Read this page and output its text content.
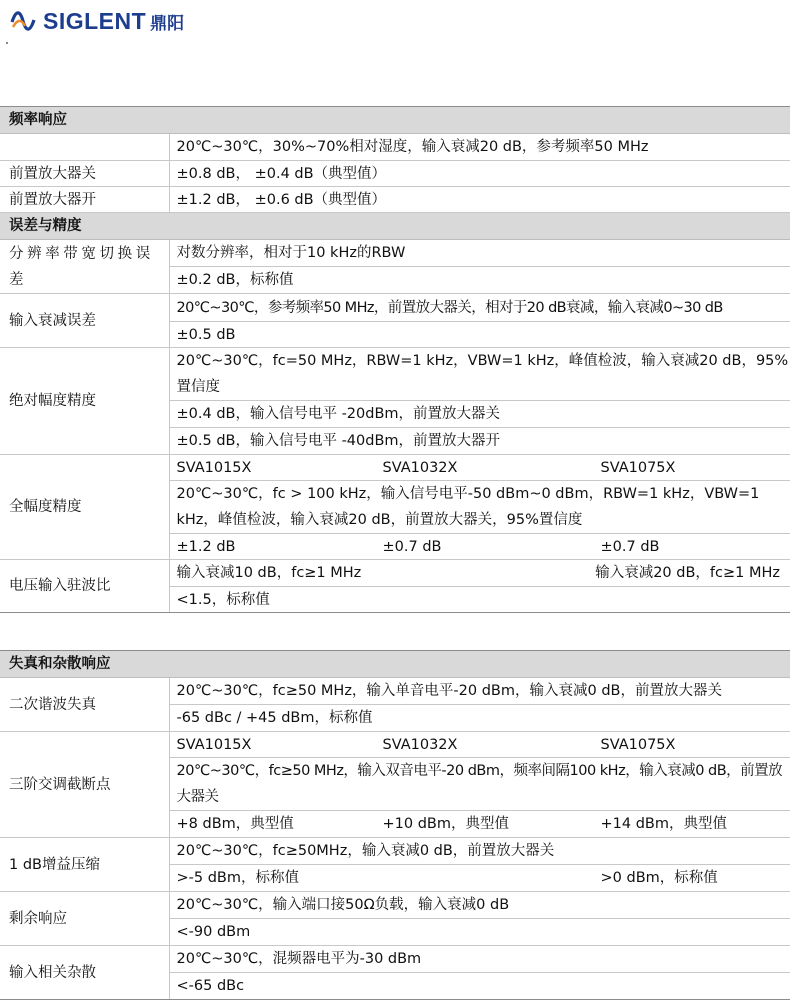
SIGLENT 鼎阳
频率响应	
	20℃~30℃，30%~70%相对湿度，输入衰减20 dB，参考频率50 MHz
前置放大器关	±0.8 dB， ±0.4 dB（典型值）
前置放大器开	±1.2 dB， ±0.6 dB（典型值）
误差与精度	
分辨率带宽切换误差	对数分辨率，相对于10 kHz的RBW
	±0.2 dB，标称值
输入衰减误差	20℃~30℃，参考频率50 MHz，前置放大器关，相对于20 dB衰减，输入衰减0~30 dB
	±0.5 dB
绝对幅度精度	20℃~30℃，fc=50 MHz，RBW=1 kHz，VBW=1 kHz，峰值检波，输入衰减20 dB，95%置信度
	±0.4 dB，输入信号电平 -20dBm，前置放大器关
	±0.5 dB，输入信号电平 -40dBm，前置放大器开
全幅度精度	SVA1015X SVA1032X SVA1075X

	20℃~30℃，fc > 100 kHz，输入信号电平-50 dBm~0 dBm，RBW=1 kHz，VBW=1 kHz，峰值检波，输入衰减20 dB，前置放大器关，95%置信度

	±1.2 dB ±0.7 dB ±0.7 dB

电压输入驻波比	输入衰减10 dB，fc≥1 MHz 输入衰减20 dB，fc≥1 MHz

	<1.5，标称值
失真和杂散响应	
二次谐波失真	20℃~30℃，fc≥50 MHz，输入单音电平-20 dBm，输入衰减0 dB，前置放大器关
	-65 dBc / +45 dBm，标称值
三阶交调截断点	SVA1015X SVA1032X SVA1075X

	20℃~30℃，fc≥50 MHz，输入双音电平-20 dBm，频率间隔100 kHz，输入衰减0 dB，前置放大器关

	+8 dBm，典型值 +10 dBm，典型值 +14 dBm，典型值

1 dB增益压缩	20℃~30℃，fc≥50MHz，输入衰减0 dB，前置放大器关

	>-5 dBm，标称值 >0 dBm，标称值

剩余响应	20℃~30℃，输入端口接50Ω负载，输入衰减0 dB
	<-90 dBm
输入相关杂散	20℃~30℃，混频器电平为-30 dBm
	<-65 dBc
